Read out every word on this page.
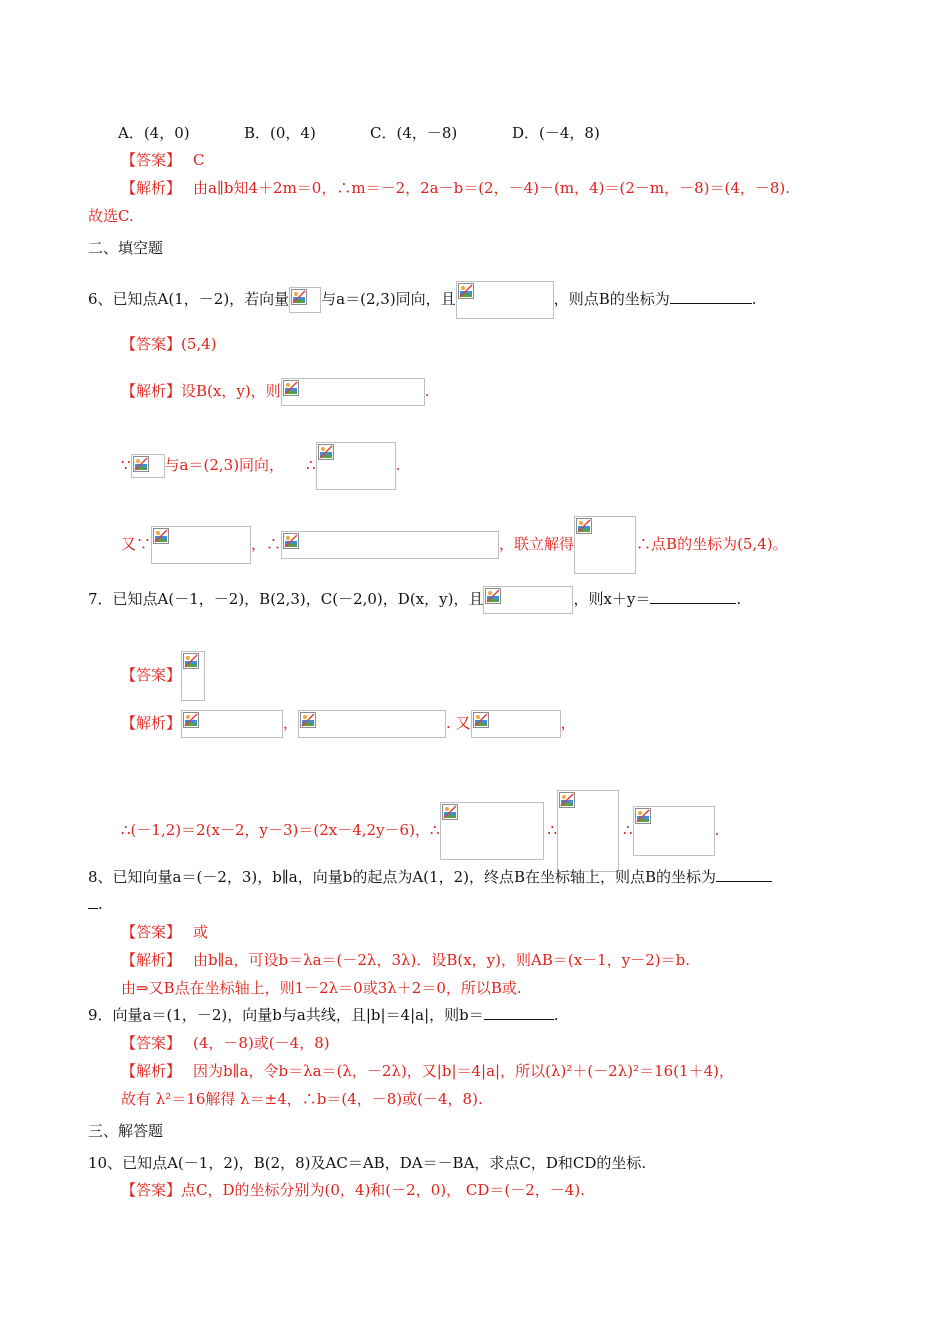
A．(4，0)	B．(0，4)	C．(4，－8)	D．(－4，8)
【答案】 C
【解析】 由a∥b知4＋2m＝0，∴m＝－2，2a－b＝(2，－4)－(m，4)＝(2－m，－8)＝(4，－8).
故选C.
二、填空题
6、已知点A(1，－2)，若向量 与a＝(2,3)同向，且	，则点B的坐标为	.
【答案】(5,4)
【解析】设B(x，y)，则	.
∵ 与a＝(2,3)同向， ∴	.
又∵	，∴	，联立解得	∴点B的坐标为(5,4)。
7．已知点A(－1，－2)，B(2,3)，C(－2,0)，D(x，y)，且	，则x＋y＝	.
【答案】
【解析】	，	. 又	，
∴(－1,2)＝2(x－2，y－3)＝(2x－4,2y－6)，∴	∴	∴	.
8、已知向量a＝(－2，3)，b∥a，向量b的起点为A(1，2)，终点B在坐标轴上，则点B的坐标为
.
【答案】 或
【解析】 由b∥a，可设b＝λa＝(－2λ，3λ)．设B(x，y)，则AB＝(x－1，y－2)＝b.
由⇒又B点在坐标轴上，则1－2λ＝0或3λ＋2＝0，所以B或.
9．向量a＝(1，－2)，向量b与a共线，且|b|＝4|a|，则b＝	.
【答案】 (4，－8)或(－4，8)
【解析】 因为b∥a，令b＝λa＝(λ，－2λ)，又|b|＝4|a|，所以(λ)²＋(－2λ)²＝16(1＋4)，
故有 λ²＝16解得 λ＝±4，∴b＝(4，－8)或(－4，8).
三、解答题
10、已知点A(－1，2)，B(2，8)及AC＝AB，DA＝－BA，求点C，D和CD的坐标.
【答案】点C，D的坐标分别为(0，4)和(－2，0)， CD＝(－2，－4).
